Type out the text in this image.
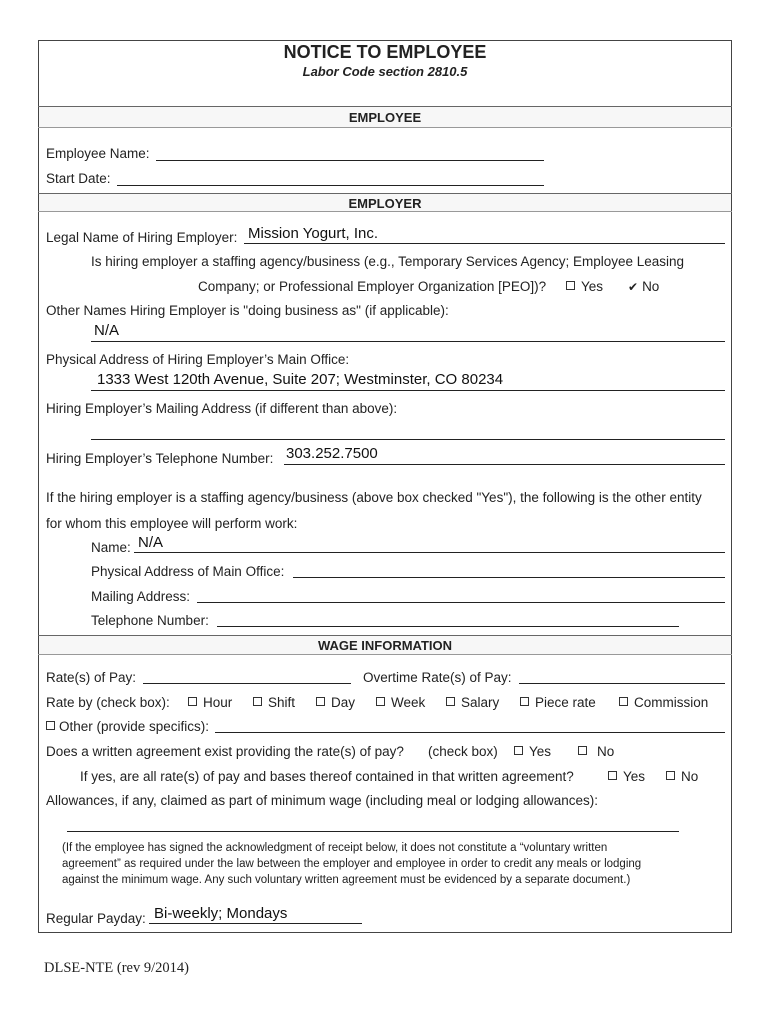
NOTICE TO EMPLOYEE
Labor Code section 2810.5
EMPLOYEE
Employee Name:
Start Date:
EMPLOYER
Legal Name of Hiring Employer: Mission Yogurt, Inc.
Is hiring employer a staffing agency/business (e.g., Temporary Services Agency; Employee Leasing
Company; or Professional Employer Organization [PEO])?	Yes ✔ No
Other Names Hiring Employer is "doing business as" (if applicable):
N/A
Physical Address of Hiring Employer’s Main Office:
1333 West 120th Avenue, Suite 207; Westminster, CO 80234
Hiring Employer’s Mailing Address (if different than above):
Hiring Employer’s Telephone Number: 303.252.7500
If the hiring employer is a staffing agency/business (above box checked "Yes"), the following is the other entity
for whom this employee will perform work:
Name: N/A
Physical Address of Main Office:
Mailing Address:
Telephone Number:
WAGE INFORMATION
Rate(s) of Pay:	Overtime Rate(s) of Pay:
Rate by (check box):	Hour	Shift	Day	Week	Salary	Piece rate	Commission
Other (provide specifics):
Does a written agreement exist providing the rate(s) of pay? (check box)	Yes	No
If yes, are all rate(s) of pay and bases thereof contained in that written agreement?	Yes	No
Allowances, if any, claimed as part of minimum wage (including meal or lodging allowances):
(If the employee has signed the acknowledgment of receipt below, it does not constitute a “voluntary written
agreement” as required under the law between the employer and employee in order to credit any meals or lodging
against the minimum wage. Any such voluntary written agreement must be evidenced by a separate document.)
Regular Payday: Bi-weekly; Mondays
DLSE-NTE (rev 9/2014)
